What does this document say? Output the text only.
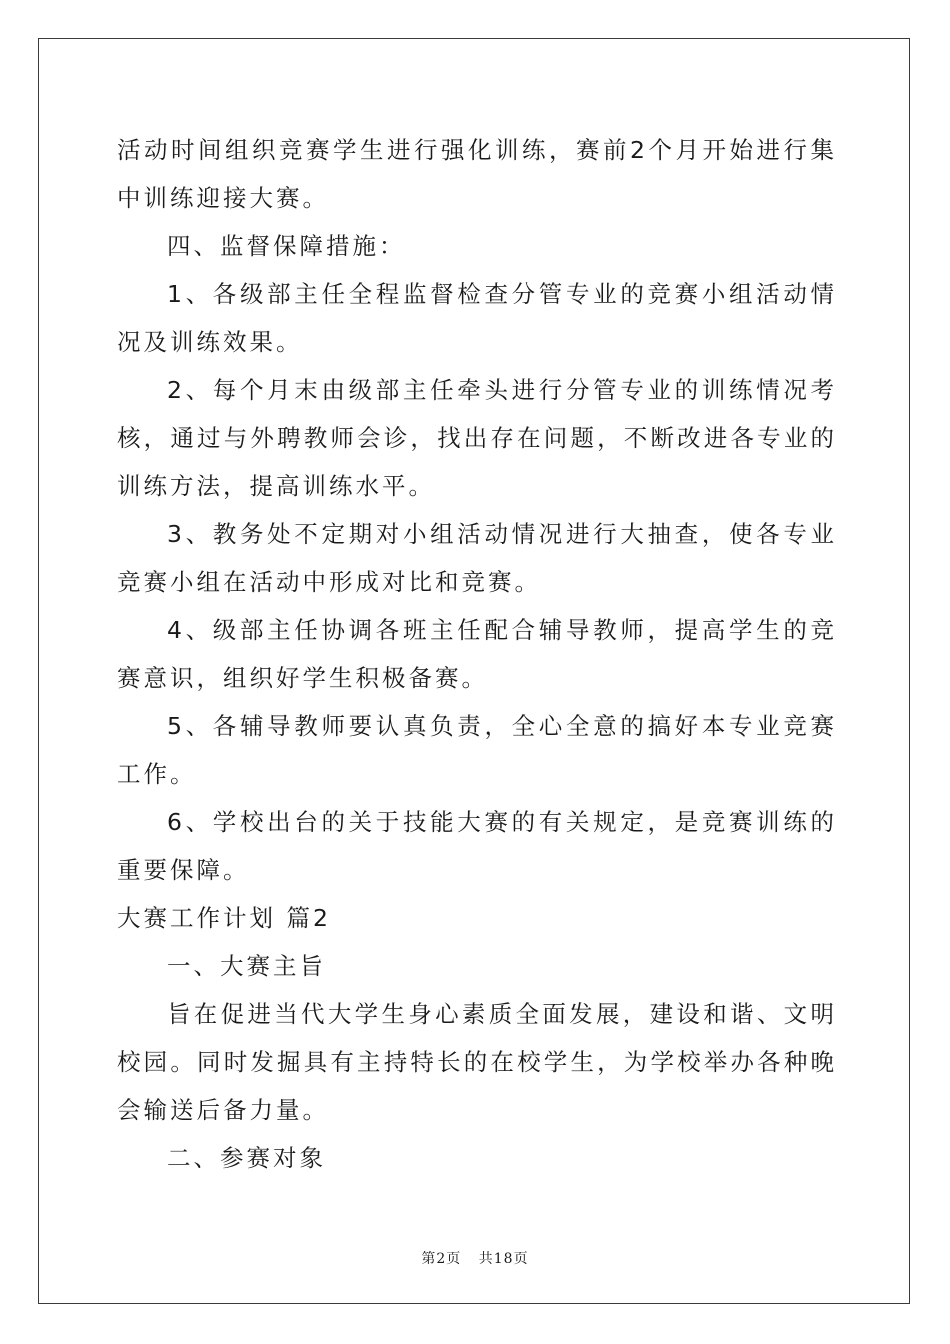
活动时间组织竞赛学生进行强化训练，赛前2个月开始进行集中训练迎接大赛。

四、监督保障措施：

1、各级部主任全程监督检查分管专业的竞赛小组活动情况及训练效果。

2、每个月末由级部主任牵头进行分管专业的训练情况考核，通过与外聘教师会诊，找出存在问题，不断改进各专业的训练方法，提高训练水平。

3、教务处不定期对小组活动情况进行大抽查，使各专业竞赛小组在活动中形成对比和竞赛。

4、级部主任协调各班主任配合辅导教师，提高学生的竞赛意识，组织好学生积极备赛。

5、各辅导教师要认真负责，全心全意的搞好本专业竞赛工作。

6、学校出台的关于技能大赛的有关规定，是竞赛训练的重要保障。

大赛工作计划 篇2

一、大赛主旨

旨在促进当代大学生身心素质全面发展，建设和谐、文明校园。同时发掘具有主持特长的在校学生，为学校举办各种晚会输送后备力量。

二、参赛对象

第2页 共18页
